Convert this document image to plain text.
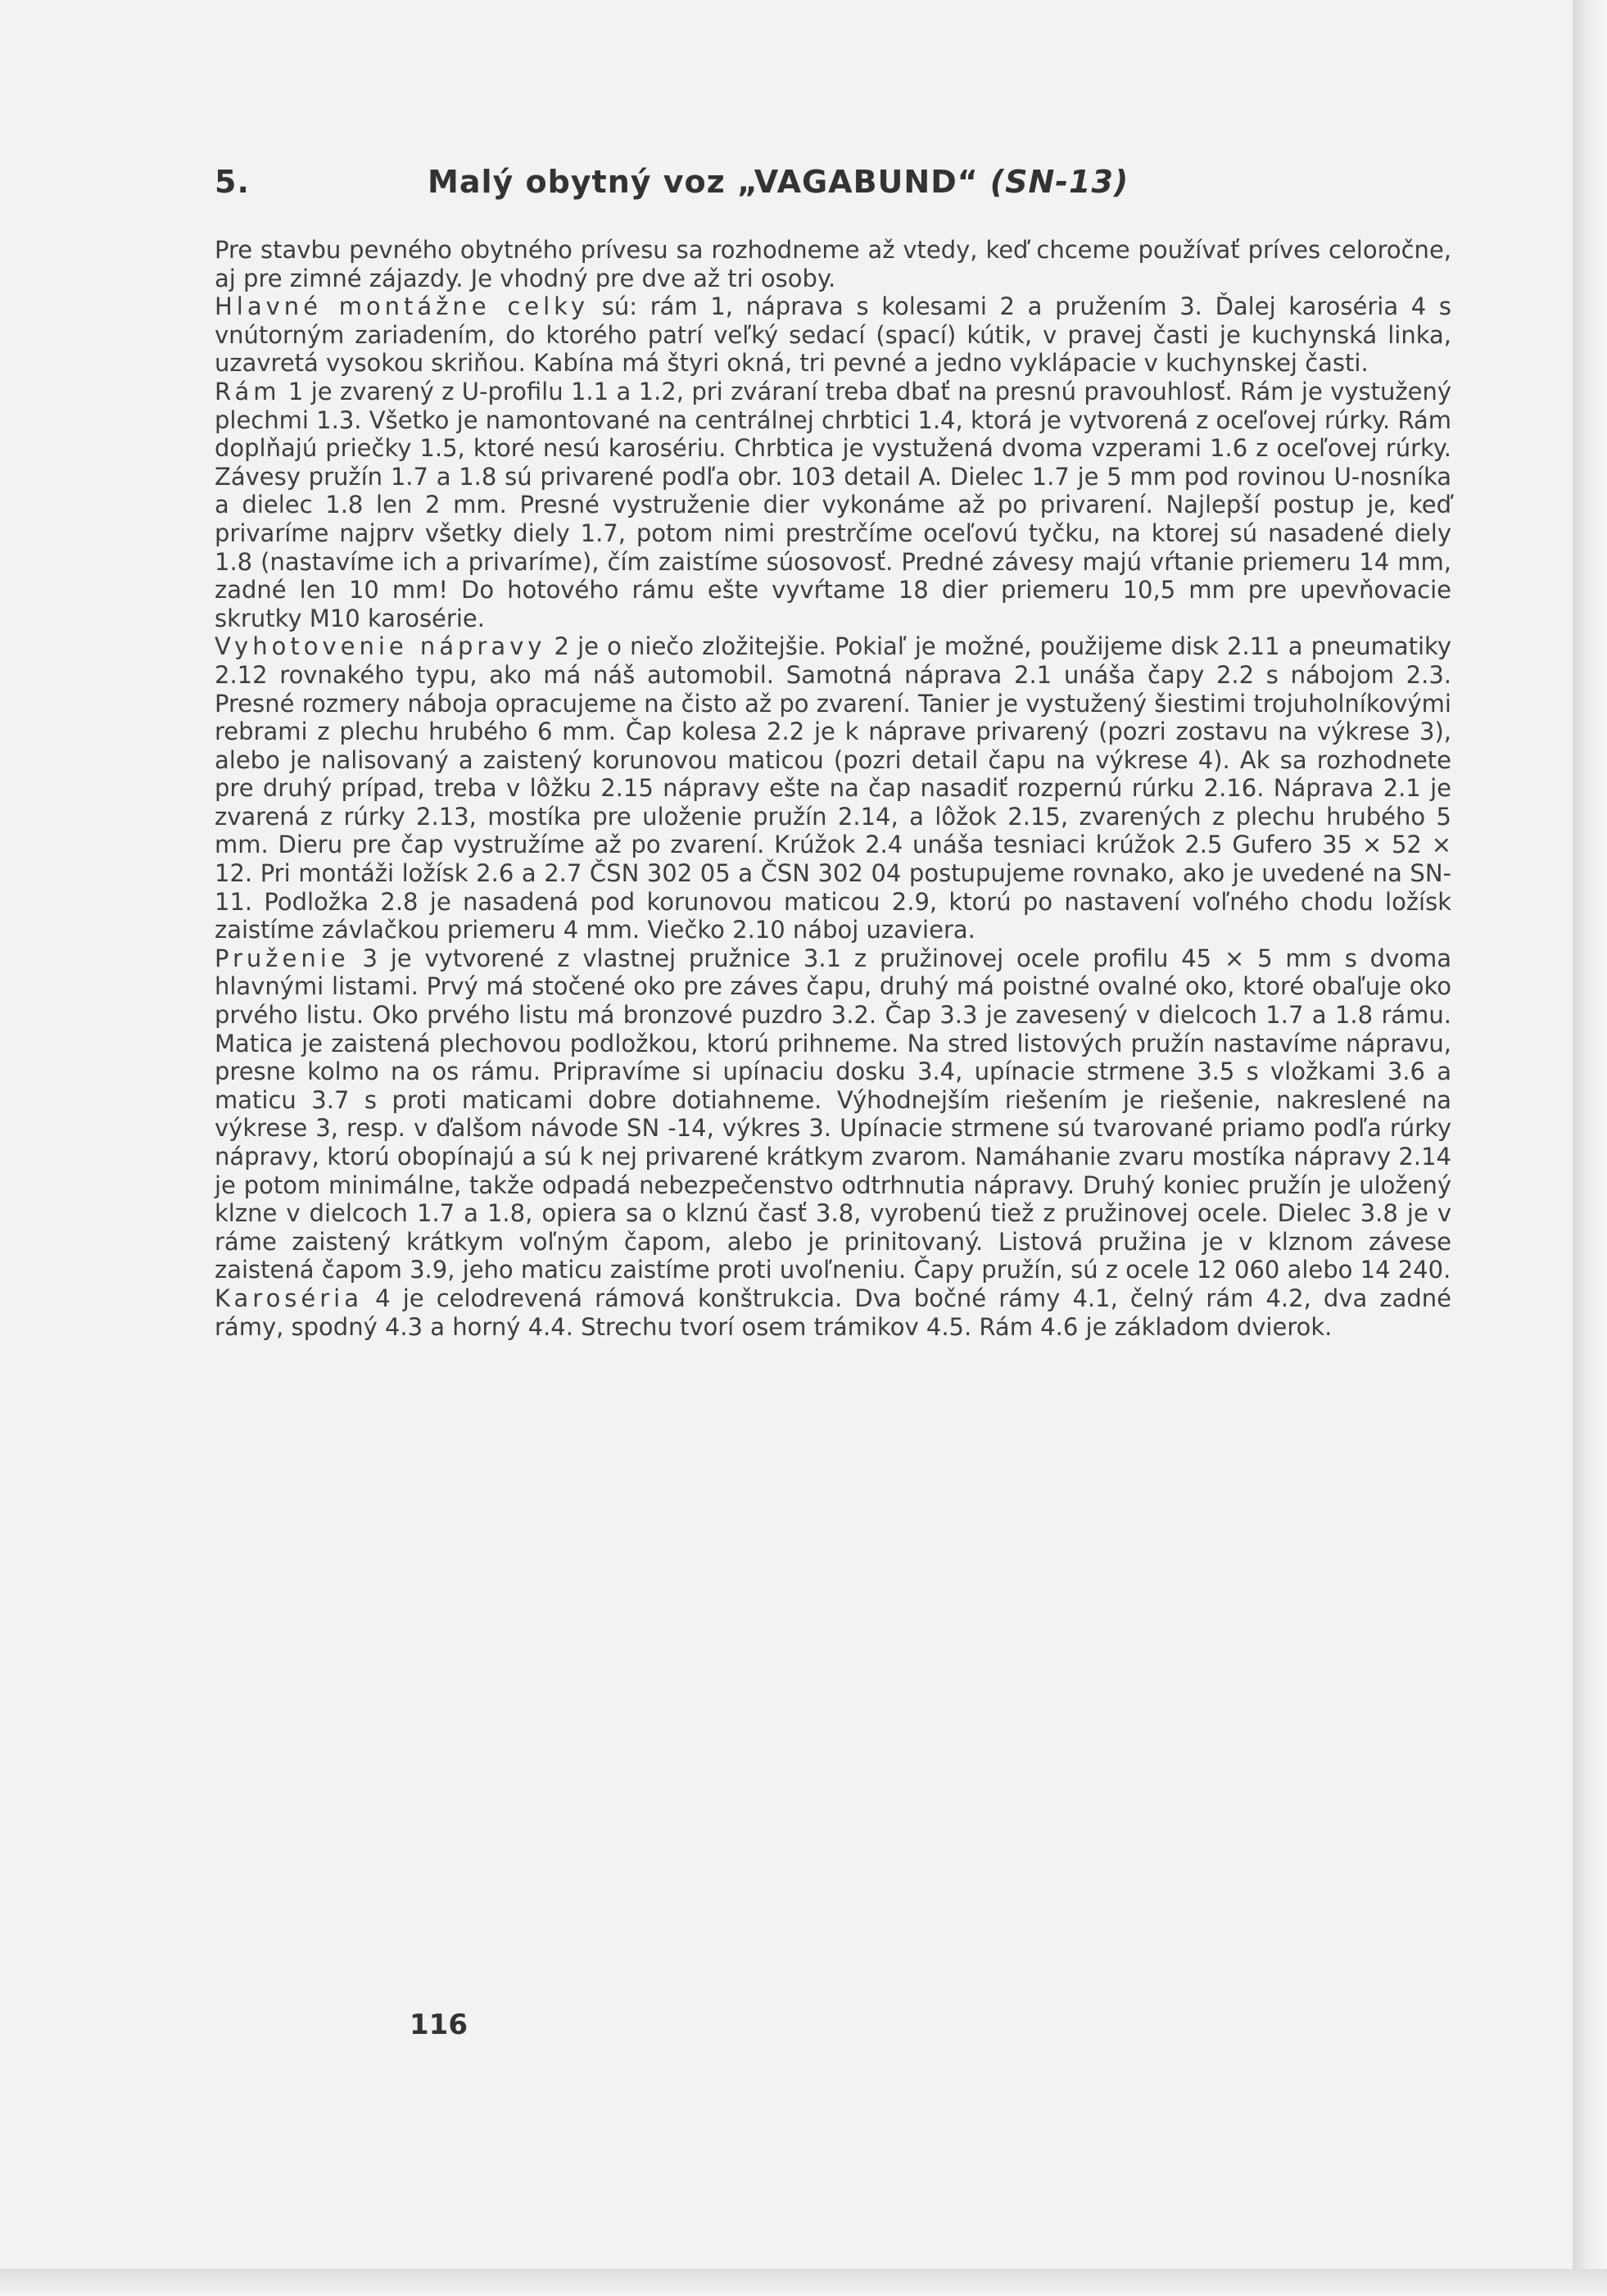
5.	Malý obytný voz „VAGABUND“ (SN-13)

Pre stavbu pevného obytného prívesu sa rozhodneme až vtedy, keď chceme používať príves celoročne, aj pre zimné zájazdy. Je vhodný pre dve až tri osoby.

Hlavné montážne celky sú: rám 1, náprava s kolesami 2 a pružením 3. Ďalej karoséria 4 s vnútorným zariadením, do ktorého patrí veľký sedací (spací) kútik, v pravej časti je kuchynská linka, uzavretá vysokou skriňou. Kabína má štyri okná, tri pevné a jedno vyklápacie v kuchynskej časti.

Rám 1 je zvarený z U-profilu 1.1 a 1.2, pri zváraní treba dbať na presnú pravouhlosť. Rám je vystužený plechmi 1.3. Všetko je namontované na centrálnej chrbtici 1.4, ktorá je vytvorená z oceľovej rúrky. Rám doplňajú priečky 1.5, ktoré nesú karosériu. Chrbtica je vystužená dvoma vzperami 1.6 z oceľovej rúrky. Závesy pružín 1.7 a 1.8 sú privarené podľa obr. 103 detail A. Dielec 1.7 je 5 mm pod rovinou U-nosníka a dielec 1.8 len 2 mm. Presné vystruženie dier vykonáme až po privarení. Najlepší postup je, keď privaríme najprv všetky diely 1.7, potom nimi prestrčíme oceľovú tyčku, na ktorej sú nasadené diely 1.8 (nastavíme ich a privaríme), čím zaistíme súosovosť. Predné závesy majú vŕtanie priemeru 14 mm, zadné len 10 mm! Do hotového rámu ešte vyvŕtame 18 dier priemeru 10,5 mm pre upevňovacie skrutky M10 karosérie.

Vyhotovenie nápravy 2 je o niečo zložitejšie. Pokiaľ je možné, použijeme disk 2.11 a pneumatiky 2.12 rovnakého typu, ako má náš automobil. Samotná náprava 2.1 unáša čapy 2.2 s nábojom 2.3. Presné rozmery náboja opracujeme na čisto až po zvarení. Tanier je vystužený šiestimi trojuholníkovými rebrami z plechu hrubého 6 mm. Čap kolesa 2.2 je k náprave privarený (pozri zostavu na výkrese 3), alebo je nalisovaný a zaistený korunovou maticou (pozri detail čapu na výkrese 4). Ak sa rozhodnete pre druhý prípad, treba v lôžku 2.15 nápravy ešte na čap nasadiť rozpernú rúrku 2.16. Náprava 2.1 je zvarená z rúrky 2.13, mostíka pre uloženie pružín 2.14, a lôžok 2.15, zvarených z plechu hrubého 5 mm. Dieru pre čap vystružíme až po zvarení. Krúžok 2.4 unáša tesniaci krúžok 2.5 Gufero 35 × 52 × 12. Pri montáži ložísk 2.6 a 2.7 ČSN 302 05 a ČSN 302 04 postupujeme rovnako, ako je uvedené na SN-11. Podložka 2.8 je nasadená pod korunovou maticou 2.9, ktorú po nastavení voľného chodu ložísk zaistíme závlačkou priemeru 4 mm. Viečko 2.10 náboj uzaviera.

Pruženie 3 je vytvorené z vlastnej pružnice 3.1 z pružinovej ocele profilu 45 × 5 mm s dvoma hlavnými listami. Prvý má stočené oko pre záves čapu, druhý má poistné ovalné oko, ktoré obaľuje oko prvého listu. Oko prvého listu má bronzové puzdro 3.2. Čap 3.3 je zavesený v dielcoch 1.7 a 1.8 rámu. Matica je zaistená plechovou podložkou, ktorú prihneme. Na stred listových pružín nastavíme nápravu, presne kolmo na os rámu. Pripravíme si upínaciu dosku 3.4, upínacie strmene 3.5 s vložkami 3.6 a maticu 3.7 s proti maticami dobre dotiahneme. Výhodnejším riešením je riešenie, nakreslené na výkrese 3, resp. v ďalšom návode SN -14, výkres 3. Upínacie strmene sú tvarované priamo podľa rúrky nápravy, ktorú obopínajú a sú k nej privarené krátkym zvarom. Namáhanie zvaru mostíka nápravy 2.14 je potom minimálne, takže odpadá nebezpečenstvo odtrhnutia nápravy. Druhý koniec pružín je uložený klzne v dielcoch 1.7 a 1.8, opiera sa o klznú časť 3.8, vyrobenú tiež z pružinovej ocele. Dielec 3.8 je v ráme zaistený krátkym voľným čapom, alebo je prinitovaný. Listová pružina je v klznom závese zaistená čapom 3.9, jeho maticu zaistíme proti uvoľneniu. Čapy pružín, sú z ocele 12 060 alebo 14 240.

Karoséria 4 je celodrevená rámová konštrukcia. Dva bočné rámy 4.1, čelný rám 4.2, dva zadné rámy, spodný 4.3 a horný 4.4. Strechu tvorí osem trámikov 4.5. Rám 4.6 je základom dvierok.

116
